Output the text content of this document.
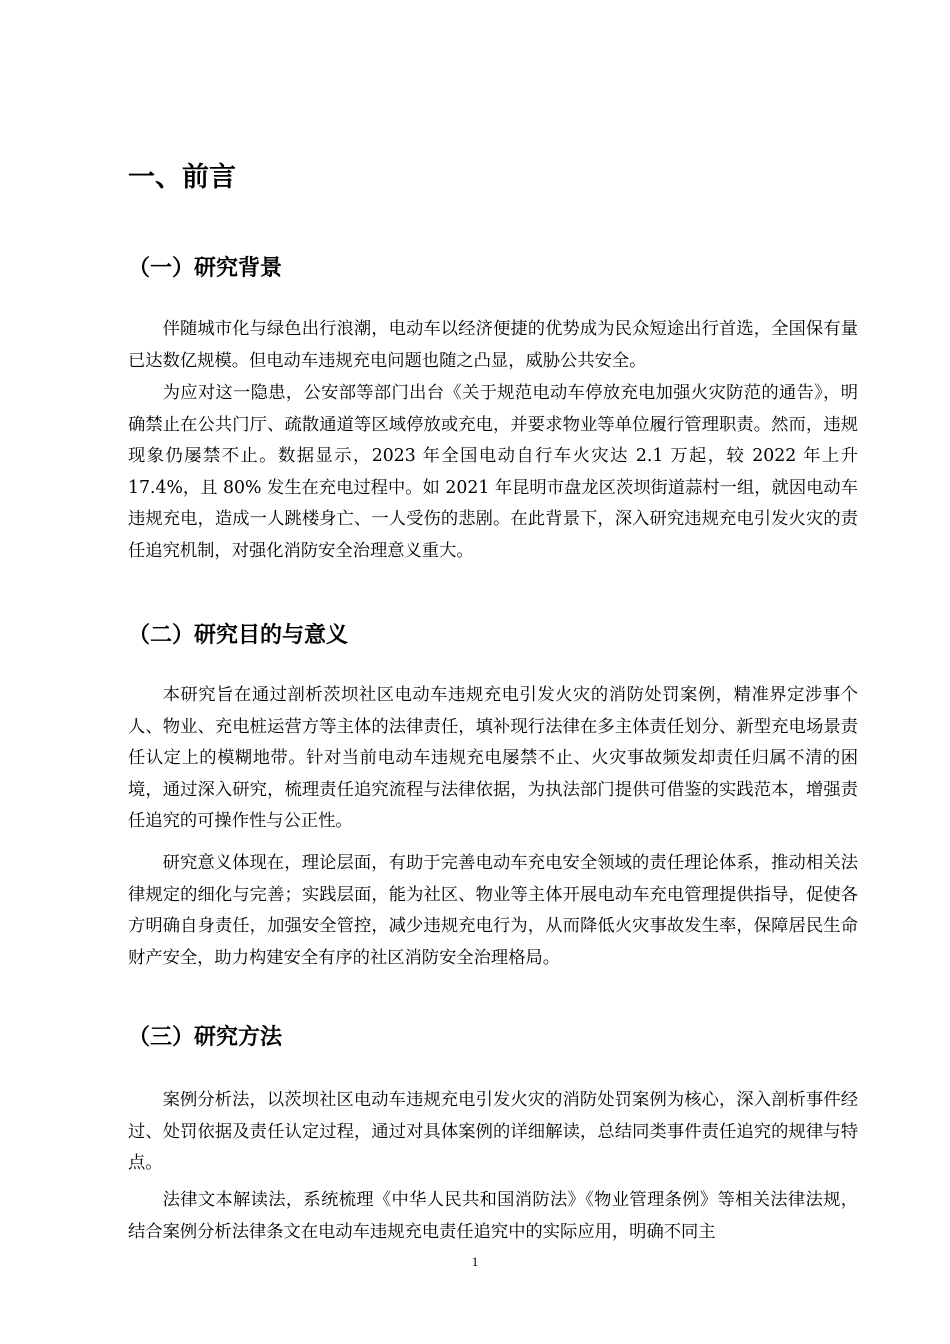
一、前言
（一）研究背景

伴随城市化与绿色出行浪潮，电动车以经济便捷的优势成为民众短途出行首选，全国保有量已达数亿规模。但电动车违规充电问题也随之凸显，威胁公共安全。

为应对这一隐患，公安部等部门出台《关于规范电动车停放充电加强火灾防范的通告》，明确禁止在公共门厅、疏散通道等区域停放或充电，并要求物业等单位履行管理职责。然而，违规现象仍屡禁不止。数据显示，2023 年全国电动自行车火灾达 2.1 万起，较 2022 年上升 17.4%，且 80% 发生在充电过程中。如 2021 年昆明市盘龙区茨坝街道蒜村一组，就因电动车违规充电，造成一人跳楼身亡、一人受伤的悲剧。在此背景下，深入研究违规充电引发火灾的责任追究机制，对强化消防安全治理意义重大。

（二）研究目的与意义

本研究旨在通过剖析茨坝社区电动车违规充电引发火灾的消防处罚案例，精准界定涉事个人、物业、充电桩运营方等主体的法律责任，填补现行法律在多主体责任划分、新型充电场景责任认定上的模糊地带。针对当前电动车违规充电屡禁不止、火灾事故频发却责任归属不清的困境，通过深入研究，梳理责任追究流程与法律依据，为执法部门提供可借鉴的实践范本，增强责任追究的可操作性与公正性。

研究意义体现在，理论层面，有助于完善电动车充电安全领域的责任理论体系，推动相关法律规定的细化与完善；实践层面，能为社区、物业等主体开展电动车充电管理提供指导，促使各方明确自身责任，加强安全管控，减少违规充电行为，从而降低火灾事故发生率，保障居民生命财产安全，助力构建安全有序的社区消防安全治理格局。

（三）研究方法

案例分析法，以茨坝社区电动车违规充电引发火灾的消防处罚案例为核心，深入剖析事件经过、处罚依据及责任认定过程，通过对具体案例的详细解读，总结同类事件责任追究的规律与特点。

法律文本解读法，系统梳理《中华人民共和国消防法》《物业管理条例》等相关法律法规，结合案例分析法律条文在电动车违规充电责任追究中的实际应用，明确不同主

1
